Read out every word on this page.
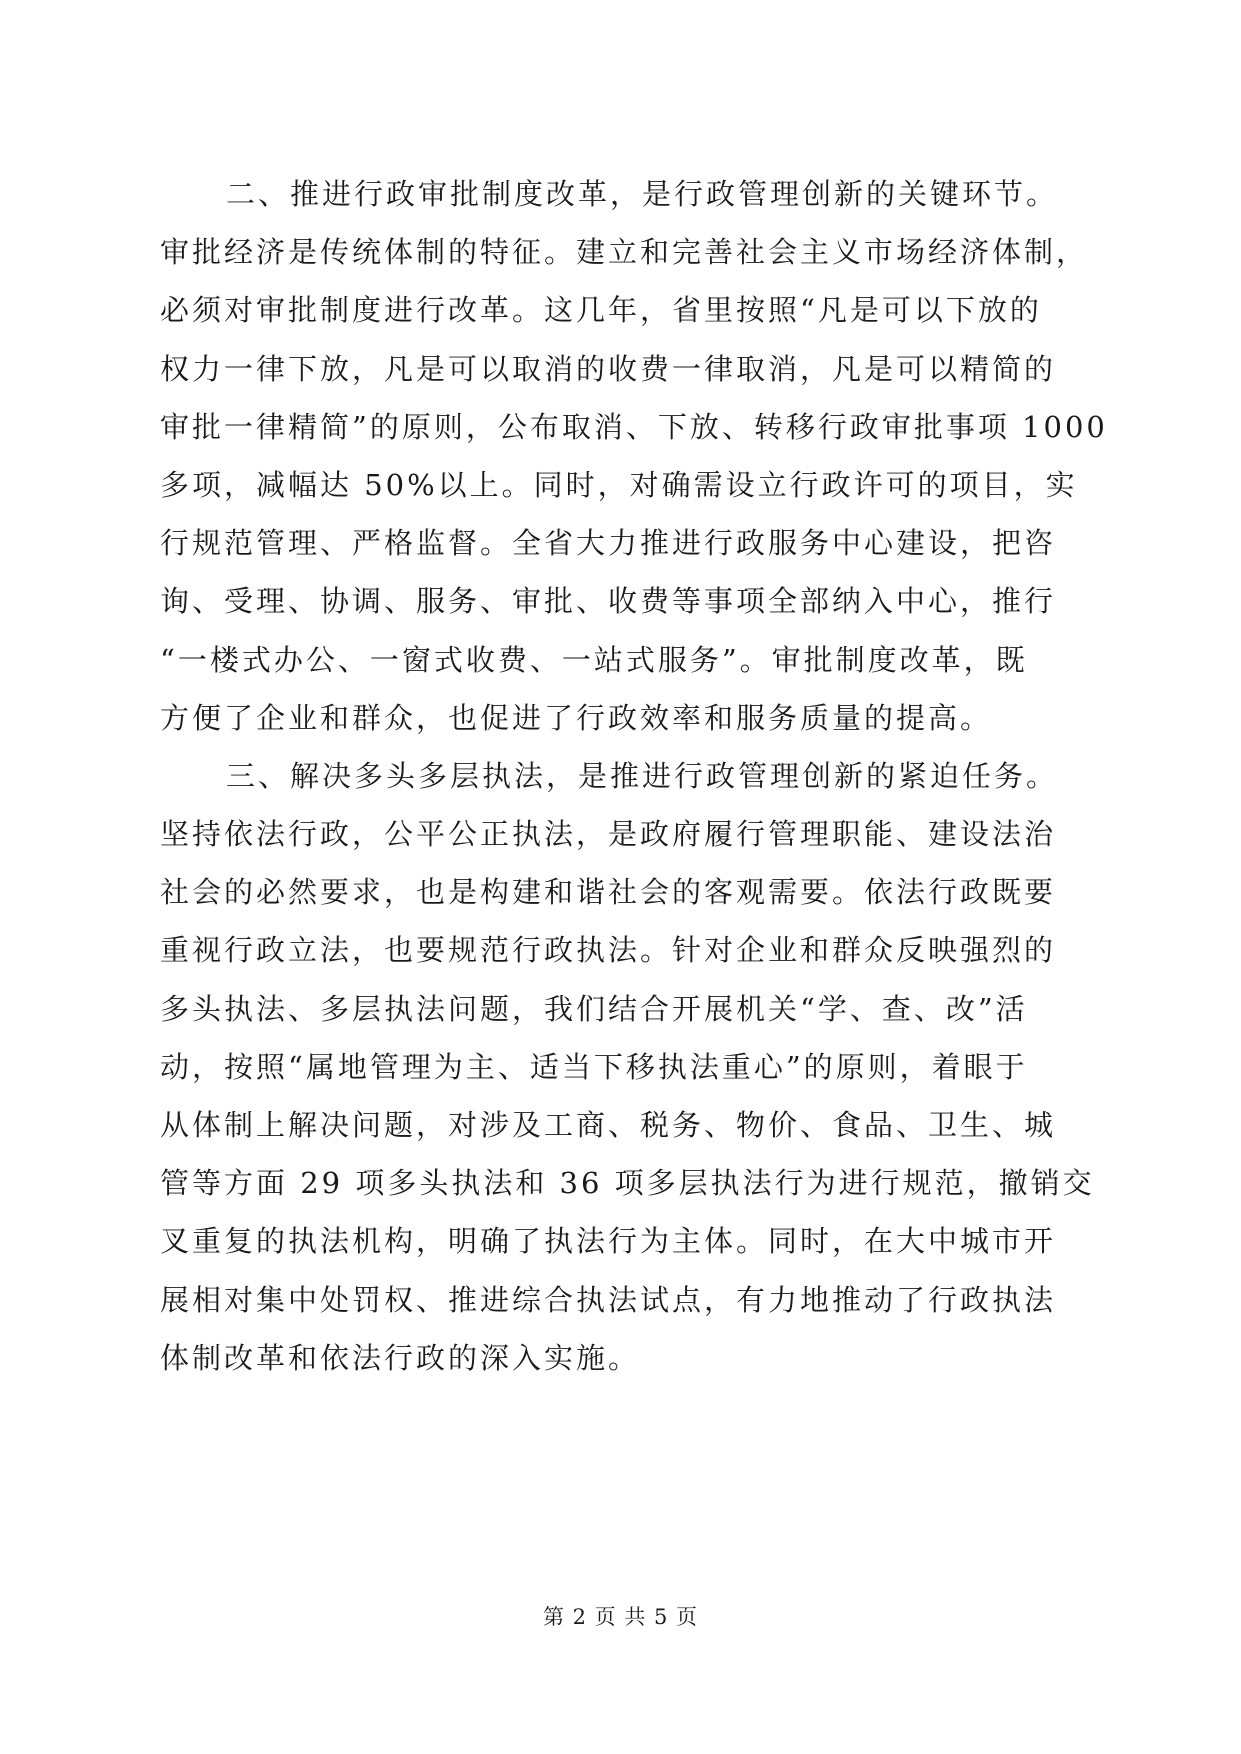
二、推进行政审批制度改革，是行政管理创新的关键环节。
审批经济是传统体制的特征。建立和完善社会主义市场经济体制，
必须对审批制度进行改革。这几年，省里按照“凡是可以下放的
权力一律下放，凡是可以取消的收费一律取消，凡是可以精简的
审批一律精简”的原则，公布取消、下放、转移行政审批事项 1000
多项，减幅达 50%以上。同时，对确需设立行政许可的项目，实
行规范管理、严格监督。全省大力推进行政服务中心建设，把咨
询、受理、协调、服务、审批、收费等事项全部纳入中心，推行
“一楼式办公、一窗式收费、一站式服务”。审批制度改革，既
方便了企业和群众，也促进了行政效率和服务质量的提高。
三、解决多头多层执法，是推进行政管理创新的紧迫任务。
坚持依法行政，公平公正执法，是政府履行管理职能、建设法治
社会的必然要求，也是构建和谐社会的客观需要。依法行政既要
重视行政立法，也要规范行政执法。针对企业和群众反映强烈的
多头执法、多层执法问题，我们结合开展机关“学、查、改”活
动，按照“属地管理为主、适当下移执法重心”的原则，着眼于
从体制上解决问题，对涉及工商、税务、物价、食品、卫生、城
管等方面 29 项多头执法和 36 项多层执法行为进行规范，撤销交
叉重复的执法机构，明确了执法行为主体。同时，在大中城市开
展相对集中处罚权、推进综合执法试点，有力地推动了行政执法
体制改革和依法行政的深入实施。
第 2 页 共 5 页
